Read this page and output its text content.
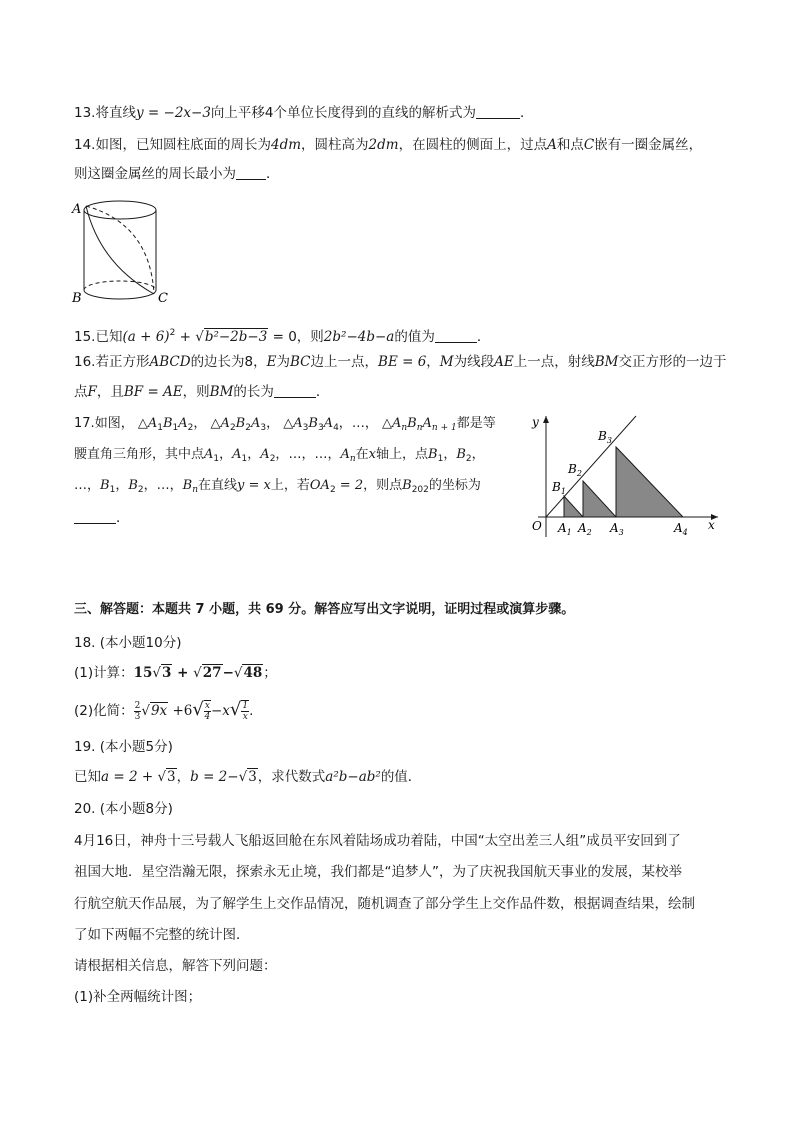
13.将直线y = −2x−3向上平移4个单位长度得到的直线的解析式为	．
14.如图，已知圆柱底面的周长为4dm，圆柱高为2dm，在圆柱的侧面上，过点A和点C嵌有一圈金属丝，
则这圈金属丝的周长最小为 ．
A
B	C
15.已知$(a + 6)^2 + √b^2-2b-3 = 0$，则2b²−4b−a的值为	．
16.若正方形ABCD的边长为8，E为BC边上一点，BE = 6，M为线段AE上一点，射线BM交正方形的一边于
点F，且BF = AE，则BM的长为	．
17.如图， $\triangle A_1B_1A_2$， $\triangle A_2B_2A_3$， $\triangle A_3B_3A_4$，…， $\triangle A_nB_nA_{n + 1}$都是等
腰直角三角形，其中点$A_1$，$A_1$，$A_2$，…，…，$A_n$在x轴上，点$B_1$，$B_2$，
…，$B_1$，$B_2$，…，$B_n$在直线y = x上，若$OA_2 = 2$，则点$B_{202}$的坐标为
．
y
x
O $A_1$ $A_2$ $A_3$	$A_4$
$B_1$
$B_2$
$B_3$
三、解答题：本题共 7 小题，共 69 分。解答应写出文字说明，证明过程或演算步骤。
18. (本小题10分)
(1)计算：15√3 + √27−√48；
(2)化简： $\frac{2}{3} √9x +6√ \frac{x}{4} -x√ \frac{1}{x}$ .
19. (本小题5分)
已知a = 2 + √3，b = 2−√3，求代数式a²b−ab²的值．
20. (本小题8分)
4月16日，神舟十三号载人飞船返回舱在东风着陆场成功着陆，中国“太空出差三人组”成员平安回到了
祖国大地．星空浩瀚无限，探索永无止境，我们都是“追梦人”，为了庆祝我国航天事业的发展，某校举
行航空航天作品展，为了解学生上交作品情况，随机调查了部分学生上交作品件数，根据调查结果，绘制
了如下两幅不完整的统计图．
请根据相关信息，解答下列问题：
(1)补全两幅统计图；
